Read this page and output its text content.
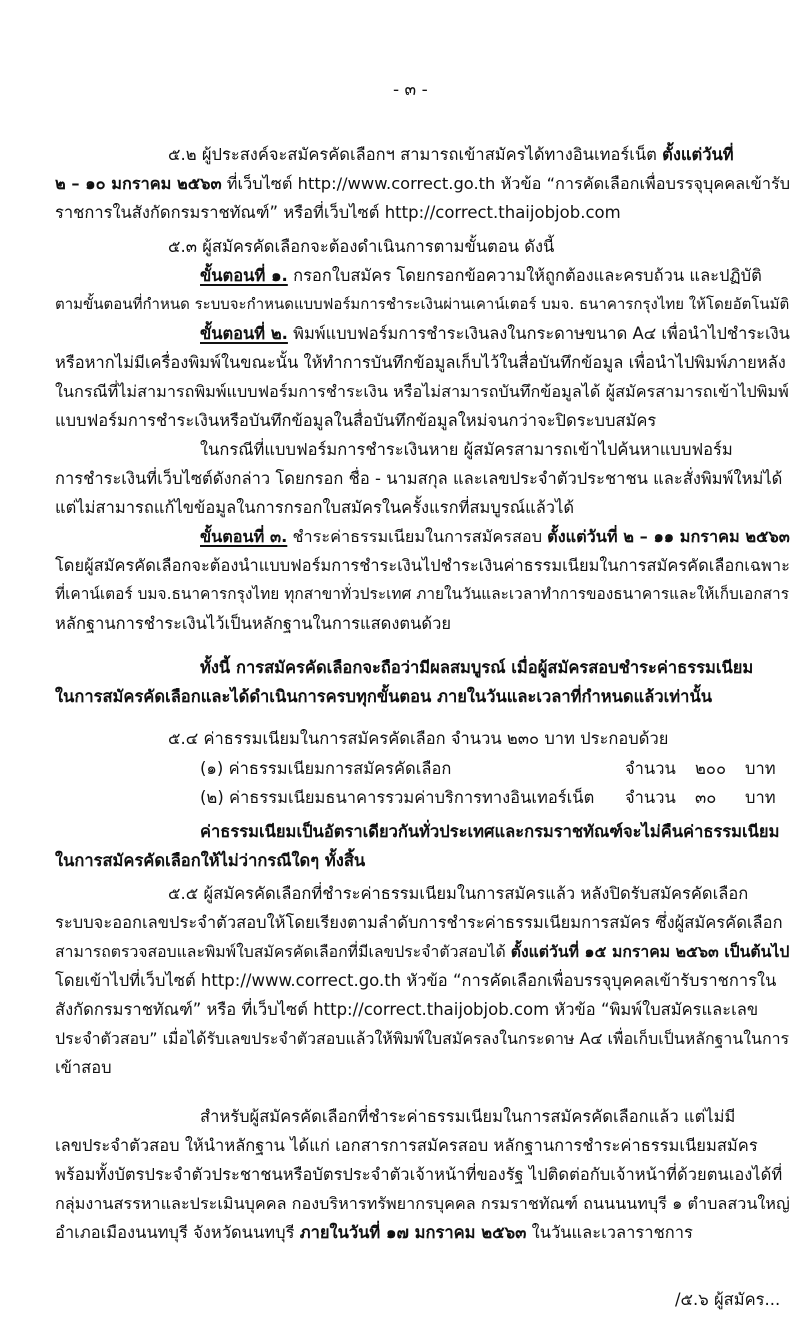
- ๓ -
๕.๒ ผู้ประสงค์จะสมัครคัดเลือกฯ สามารถเข้าสมัครได้ทางอินเทอร์เน็ต ตั้งแต่วันที่
๒ – ๑๐ มกราคม ๒๕๖๓ ที่เว็บไซต์ http://www.correct.go.th หัวข้อ “การคัดเลือกเพื่อบรรจุบุคคลเข้ารับ
ราชการในสังกัดกรมราชทัณฑ์” หรือที่เว็บไซต์ http://correct.thaijobjob.com
๕.๓ ผู้สมัครคัดเลือกจะต้องดำเนินการตามขั้นตอน ดังนี้
ขั้นตอนที่ ๑. กรอกใบสมัคร โดยกรอกข้อความให้ถูกต้องและครบถ้วน และปฏิบัติ
ตามขั้นตอนที่กำหนด ระบบจะกำหนดแบบฟอร์มการชำระเงินผ่านเคาน์เตอร์ บมจ. ธนาคารกรุงไทย ให้โดยอัตโนมัติ
ขั้นตอนที่ ๒. พิมพ์แบบฟอร์มการชำระเงินลงในกระดาษขนาด A๔ เพื่อนำไปชำระเงิน
หรือหากไม่มีเครื่องพิมพ์ในขณะนั้น ให้ทำการบันทึกข้อมูลเก็บไว้ในสื่อบันทึกข้อมูล เพื่อนำไปพิมพ์ภายหลัง
ในกรณีที่ไม่สามารถพิมพ์แบบฟอร์มการชำระเงิน หรือไม่สามารถบันทึกข้อมูลได้ ผู้สมัครสามารถเข้าไปพิมพ์
แบบฟอร์มการชำระเงินหรือบันทึกข้อมูลในสื่อบันทึกข้อมูลใหม่จนกว่าจะปิดระบบสมัคร
ในกรณีที่แบบฟอร์มการชำระเงินหาย ผู้สมัครสามารถเข้าไปค้นหาแบบฟอร์ม
การชำระเงินที่เว็บไซต์ดังกล่าว โดยกรอก ชื่อ - นามสกุล และเลขประจำตัวประชาชน และสั่งพิมพ์ใหม่ได้
แต่ไม่สามารถแก้ไขข้อมูลในการกรอกใบสมัครในครั้งแรกที่สมบูรณ์แล้วได้
ขั้นตอนที่ ๓. ชำระค่าธรรมเนียมในการสมัครสอบ ตั้งแต่วันที่ ๒ – ๑๑ มกราคม ๒๕๖๓
โดยผู้สมัครคัดเลือกจะต้องนำแบบฟอร์มการชำระเงินไปชำระเงินค่าธรรมเนียมในการสมัครคัดเลือกเฉพาะ
ที่เคาน์เตอร์ บมจ.ธนาคารกรุงไทย ทุกสาขาทั่วประเทศ ภายในวันและเวลาทำการของธนาคารและให้เก็บเอกสาร
หลักฐานการชำระเงินไว้เป็นหลักฐานในการแสดงตนด้วย
ทั้งนี้ การสมัครคัดเลือกจะถือว่ามีผลสมบูรณ์ เมื่อผู้สมัครสอบชำระค่าธรรมเนียม
ในการสมัครคัดเลือกและได้ดำเนินการครบทุกขั้นตอน ภายในวันและเวลาที่กำหนดแล้วเท่านั้น
๕.๔ ค่าธรรมเนียมในการสมัครคัดเลือก จำนวน ๒๓๐ บาท ประกอบด้วย
(๑) ค่าธรรมเนียมการสมัครคัดเลือก	จำนวน ๒๐๐ บาท
(๒) ค่าธรรมเนียมธนาคารรวมค่าบริการทางอินเทอร์เน็ต จำนวน ๓๐ บาท
ค่าธรรมเนียมเป็นอัตราเดียวกันทั่วประเทศและกรมราชทัณฑ์จะไม่คืนค่าธรรมเนียม
ในการสมัครคัดเลือกให้ไม่ว่ากรณีใดๆ ทั้งสิ้น
๕.๕ ผู้สมัครคัดเลือกที่ชำระค่าธรรมเนียมในการสมัครแล้ว หลังปิดรับสมัครคัดเลือก
ระบบจะออกเลขประจำตัวสอบให้โดยเรียงตามลำดับการชำระค่าธรรมเนียมการสมัคร ซึ่งผู้สมัครคัดเลือก
สามารถตรวจสอบและพิมพ์ใบสมัครคัดเลือกที่มีเลขประจำตัวสอบได้ ตั้งแต่วันที่ ๑๕ มกราคม ๒๕๖๓ เป็นต้นไป
โดยเข้าไปที่เว็บไซต์ http://www.correct.go.th หัวข้อ “การคัดเลือกเพื่อบรรจุบุคคลเข้ารับราชการใน
สังกัดกรมราชทัณฑ์” หรือ ที่เว็บไซต์ http://correct.thaijobjob.com หัวข้อ “พิมพ์ใบสมัครและเลข
ประจำตัวสอบ” เมื่อได้รับเลขประจำตัวสอบแล้วให้พิมพ์ใบสมัครลงในกระดาษ A๔ เพื่อเก็บเป็นหลักฐานในการ
เข้าสอบ
สำหรับผู้สมัครคัดเลือกที่ชำระค่าธรรมเนียมในการสมัครคัดเลือกแล้ว แต่ไม่มี
เลขประจำตัวสอบ ให้นำหลักฐาน ได้แก่ เอกสารการสมัครสอบ หลักฐานการชำระค่าธรรมเนียมสมัคร
พร้อมทั้งบัตรประจำตัวประชาชนหรือบัตรประจำตัวเจ้าหน้าที่ของรัฐ ไปติดต่อกับเจ้าหน้าที่ด้วยตนเองได้ที่
กลุ่มงานสรรหาและประเมินบุคคล กองบริหารทรัพยากรบุคคล กรมราชทัณฑ์ ถนนนนทบุรี ๑ ตำบลสวนใหญ่
อำเภอเมืองนนทบุรี จังหวัดนนทบุรี ภายในวันที่ ๑๗ มกราคม ๒๕๖๓ ในวันและเวลาราชการ
/๕.๖ ผู้สมัคร...
